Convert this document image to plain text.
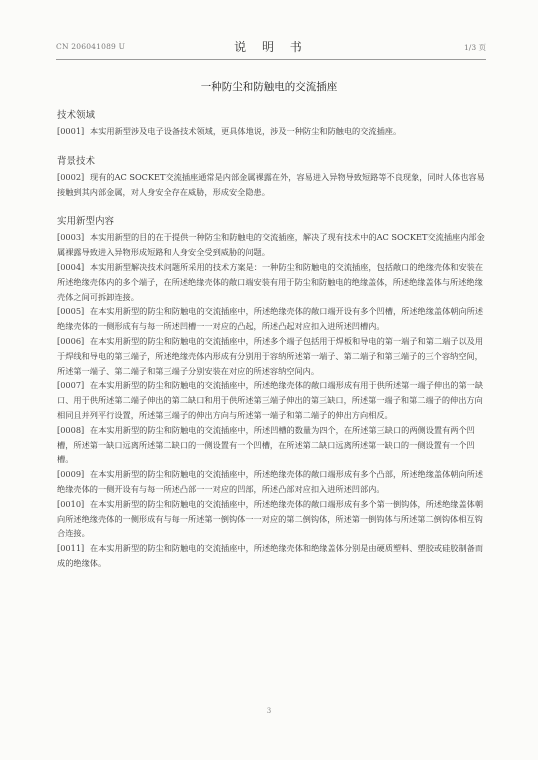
CN 206041089 U	说 明 书	1/3 页
一种防尘和防触电的交流插座
技术领域

[0001] 本实用新型涉及电子设备技术领域，更具体地说，涉及一种防尘和防触电的交流插座。

背景技术

[0002] 现有的AC SOCKET交流插座通常是内部金属裸露在外，容易进入异物导致短路等不良现象，同时人体也容易接触到其内部金属，对人身安全存在威胁，形成安全隐患。

实用新型内容

[0003] 本实用新型的目的在于提供一种防尘和防触电的交流插座，解决了现有技术中的AC SOCKET交流插座内部金属裸露导致进入异物形成短路和人身安全受到威胁的问题。

[0004] 本实用新型解决技术问题所采用的技术方案是：一种防尘和防触电的交流插座，包括敞口的绝缘壳体和安装在所述绝缘壳体内的多个端子，在所述绝缘壳体的敞口端安装有用于防尘和防触电的绝缘盖体，所述绝缘盖体与所述绝缘壳体之间可拆卸连接。

[0005] 在本实用新型的防尘和防触电的交流插座中，所述绝缘壳体的敞口端开设有多个凹槽，所述绝缘盖体朝向所述绝缘壳体的一侧形成有与每一所述凹槽一一对应的凸起，所述凸起对应扣入进所述凹槽内。

[0006] 在本实用新型的防尘和防触电的交流插座中，所述多个端子包括用于焊板和导电的第一端子和第二端子以及用于焊线和导电的第三端子，所述绝缘壳体内形成有分别用于容纳所述第一端子、第二端子和第三端子的三个容纳空间，所述第一端子、第二端子和第三端子分别安装在对应的所述容纳空间内。

[0007] 在本实用新型的防尘和防触电的交流插座中，所述绝缘壳体的敞口端形成有用于供所述第一端子伸出的第一缺口、用于供所述第二端子伸出的第二缺口和用于供所述第三端子伸出的第三缺口，所述第一端子和第二端子的伸出方向相同且并列平行设置，所述第三端子的伸出方向与所述第一端子和第二端子的伸出方向相反。

[0008] 在本实用新型的防尘和防触电的交流插座中，所述凹槽的数量为四个，在所述第三缺口的两侧设置有两个凹槽，所述第一缺口远离所述第二缺口的一侧设置有一个凹槽，在所述第二缺口远离所述第一缺口的一侧设置有一个凹槽。

[0009] 在本实用新型的防尘和防触电的交流插座中，所述绝缘壳体的敞口端形成有多个凸部，所述绝缘盖体朝向所述绝缘壳体的一侧开设有与每一所述凸部一一对应的凹部，所述凸部对应扣入进所述凹部内。

[0010] 在本实用新型的防尘和防触电的交流插座中，所述绝缘壳体的敞口端形成有多个第一倒钩体，所述绝缘盖体朝向所述绝缘壳体的一侧形成有与每一所述第一倒钩体一一对应的第二倒钩体，所述第一倒钩体与所述第二倒钩体相互钩合连接。

[0011] 在本实用新型的防尘和防触电的交流插座中，所述绝缘壳体和绝缘盖体分别是由硬质塑料、塑胶或硅胶制备而成的绝缘体。

3
